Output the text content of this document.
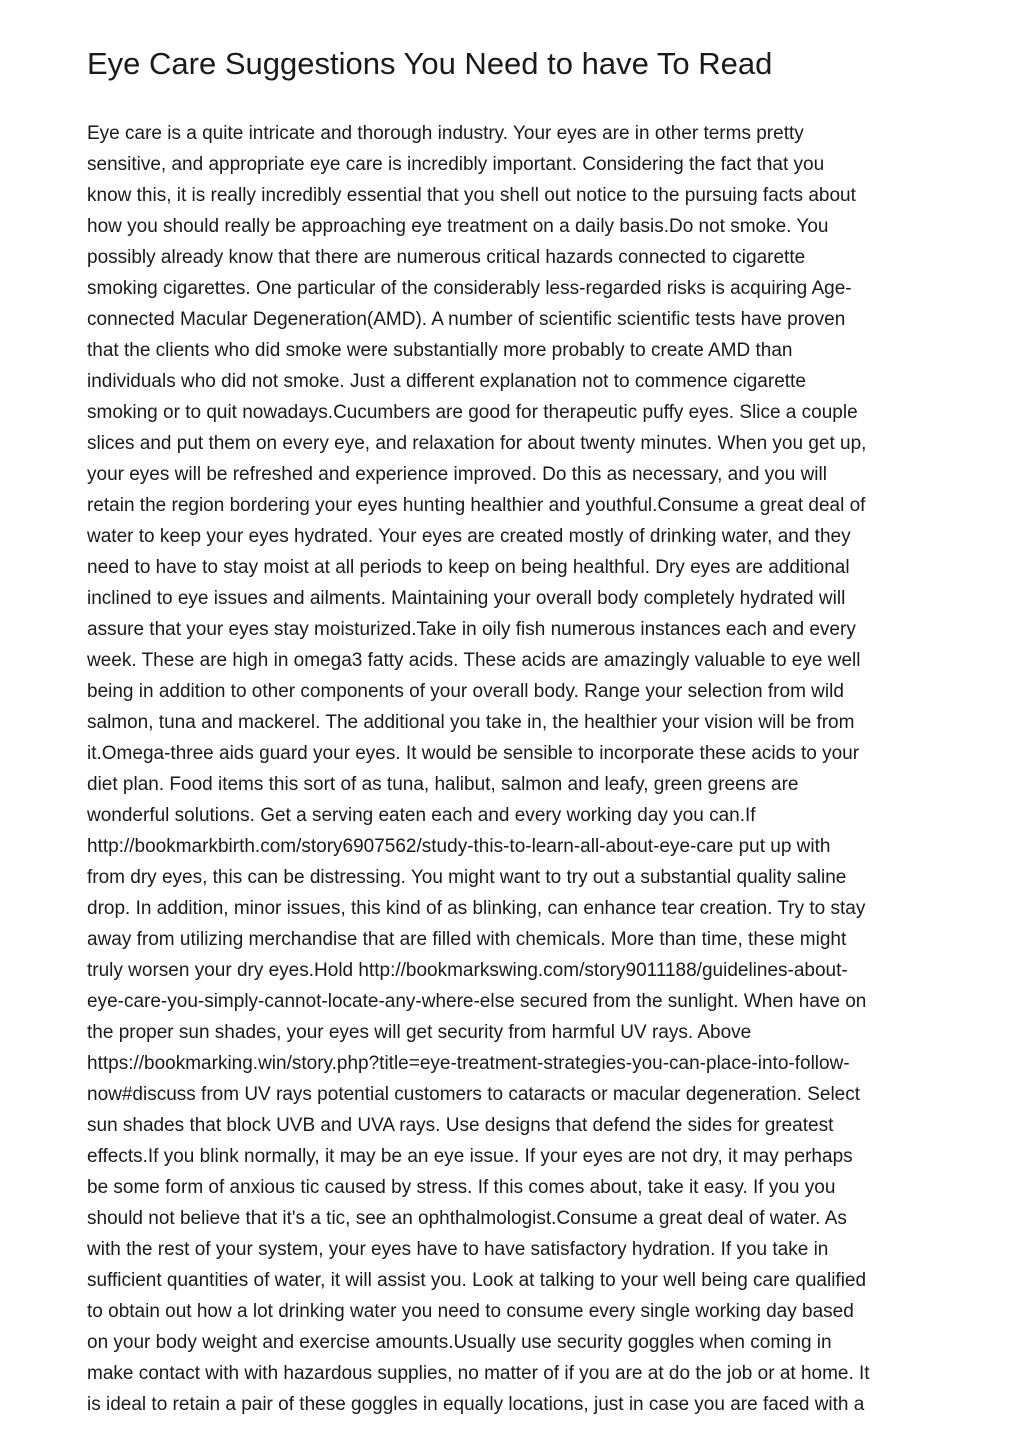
Eye Care Suggestions You Need to have To Read

Eye care is a quite intricate and thorough industry. Your eyes are in other terms pretty
sensitive, and appropriate eye care is incredibly important. Considering the fact that you
know this, it is really incredibly essential that you shell out notice to the pursuing facts about
how you should really be approaching eye treatment on a daily basis.Do not smoke. You
possibly already know that there are numerous critical hazards connected to cigarette
smoking cigarettes. One particular of the considerably less-regarded risks is acquiring Age-
connected Macular Degeneration(AMD). A number of scientific scientific tests have proven
that the clients who did smoke were substantially more probably to create AMD than
individuals who did not smoke. Just a different explanation not to commence cigarette
smoking or to quit nowadays.Cucumbers are good for therapeutic puffy eyes. Slice a couple
slices and put them on every eye, and relaxation for about twenty minutes. When you get up,
your eyes will be refreshed and experience improved. Do this as necessary, and you will
retain the region bordering your eyes hunting healthier and youthful.Consume a great deal of
water to keep your eyes hydrated. Your eyes are created mostly of drinking water, and they
need to have to stay moist at all periods to keep on being healthful. Dry eyes are additional
inclined to eye issues and ailments. Maintaining your overall body completely hydrated will
assure that your eyes stay moisturized.Take in oily fish numerous instances each and every
week. These are high in omega3 fatty acids. These acids are amazingly valuable to eye well
being in addition to other components of your overall body. Range your selection from wild
salmon, tuna and mackerel. The additional you take in, the healthier your vision will be from
it.Omega-three aids guard your eyes. It would be sensible to incorporate these acids to your
diet plan. Food items this sort of as tuna, halibut, salmon and leafy, green greens are
wonderful solutions. Get a serving eaten each and every working day you can.If
http://bookmarkbirth.com/story6907562/study-this-to-learn-all-about-eye-care put up with
from dry eyes, this can be distressing. You might want to try out a substantial quality saline
drop. In addition, minor issues, this kind of as blinking, can enhance tear creation. Try to stay
away from utilizing merchandise that are filled with chemicals. More than time, these might
truly worsen your dry eyes.Hold http://bookmarkswing.com/story9011188/guidelines-about-
eye-care-you-simply-cannot-locate-any-where-else secured from the sunlight. When have on
the proper sun shades, your eyes will get security from harmful UV rays. Above
https://bookmarking.win/story.php?title=eye-treatment-strategies-you-can-place-into-follow-
now#discuss from UV rays potential customers to cataracts or macular degeneration. Select
sun shades that block UVB and UVA rays. Use designs that defend the sides for greatest
effects.If you blink normally, it may be an eye issue. If your eyes are not dry, it may perhaps
be some form of anxious tic caused by stress. If this comes about, take it easy. If you you
should not believe that it's a tic, see an ophthalmologist.Consume a great deal of water. As
with the rest of your system, your eyes have to have satisfactory hydration. If you take in
sufficient quantities of water, it will assist you. Look at talking to your well being care qualified
to obtain out how a lot drinking water you need to consume every single working day based
on your body weight and exercise amounts.Usually use security goggles when coming in
make contact with with hazardous supplies, no matter of if you are at do the job or at home. It
is ideal to retain a pair of these goggles in equally locations, just in case you are faced with a
